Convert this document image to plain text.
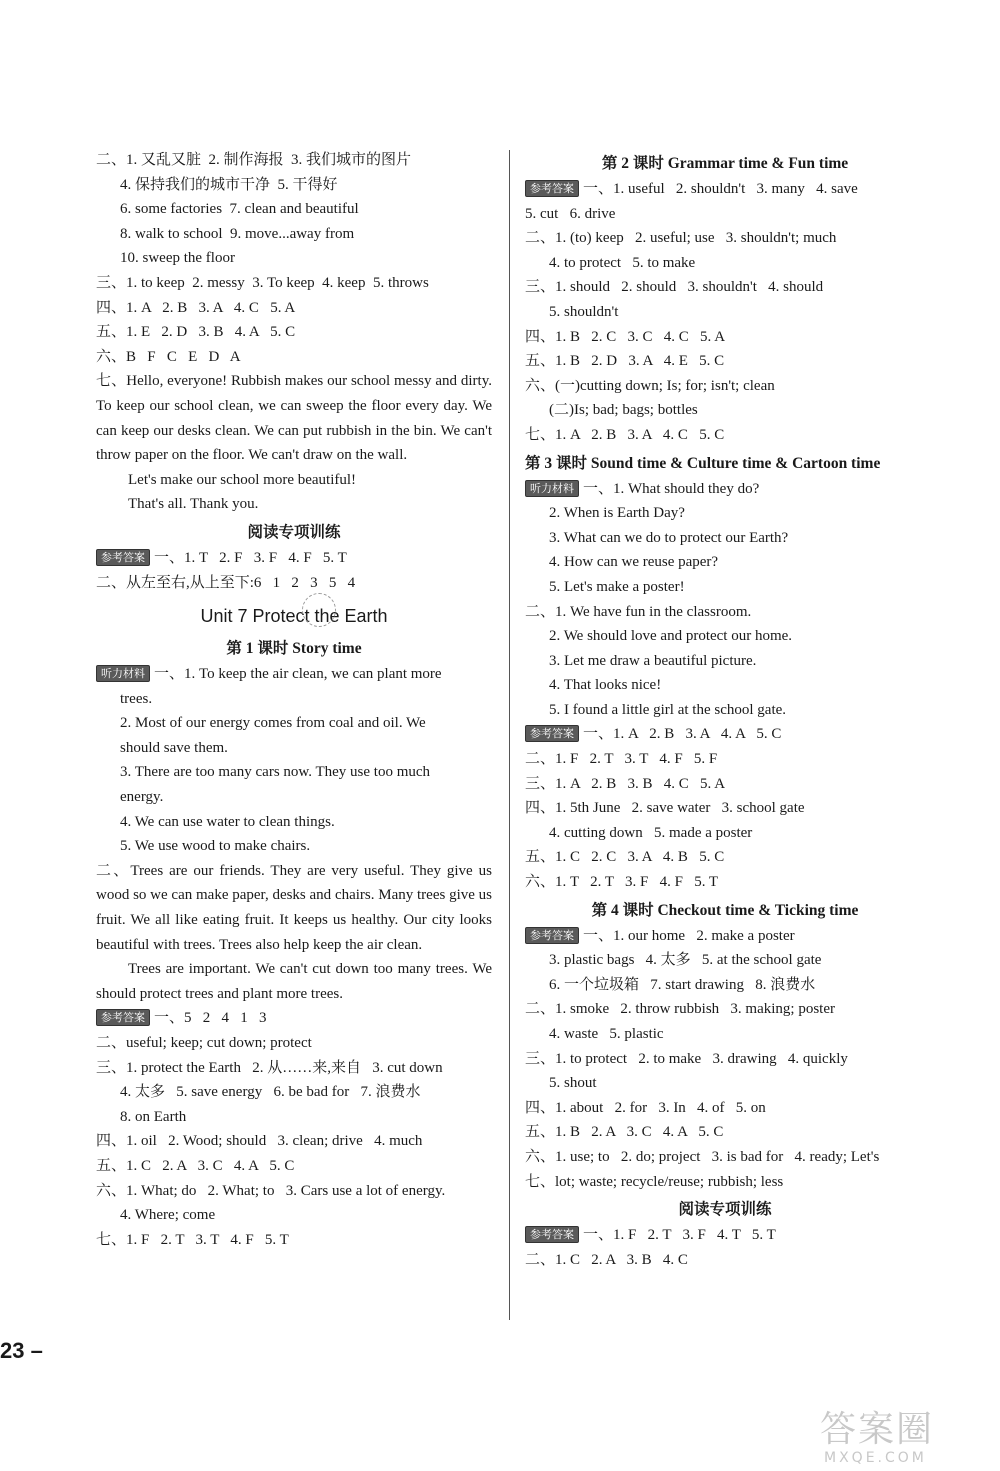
二、1. 又乱又脏  2. 制作海报  3. 我们城市的图片
4. 保持我们的城市干净  5. 干得好
6. some factories  7. clean and beautiful
8. walk to school  9. move...away from
10. sweep the floor
三、1. to keep  2. messy  3. To keep  4. keep  5. throws
四、1. A   2. B   3. A   4. C   5. A
五、1. E   2. D   3. B   4. A   5. C
六、B   F   C   E   D   A
七、Hello, everyone! Rubbish makes our school messy and dirty. To keep our school clean, we can sweep the floor every day. We can keep our desks clean. We can put rubbish in the bin. We can't throw paper on the floor. We can't draw on the wall.
Let's make our school more beautiful!
That's all. Thank you.
阅读专项训练
参考答案 一、1. T   2. F   3. F   4. F   5. T
二、从左至右,从上至下:6   1   2   3   5   4
Unit 7 Protect the Earth
第 1 课时 Story time
听力材料 一、1. To keep the air clean, we can plant more
trees.
2. Most of our energy comes from coal and oil. We
should save them.
3. There are too many cars now. They use too much
energy.
4. We can use water to clean things.
5. We use wood to make chairs.
二、Trees are our friends. They are very useful. They give us wood so we can make paper, desks and chairs. Many trees give us fruit. We all like eating fruit. It keeps us healthy. Our city looks beautiful with trees. Trees also help keep the air clean.
Trees are important. We can't cut down too many trees. We should protect trees and plant more trees.
参考答案 一、5   2   4   1   3
二、useful; keep; cut down; protect
三、1. protect the Earth   2. 从……来,来自   3. cut down
4. 太多   5. save energy   6. be bad for   7. 浪费水
8. on Earth
四、1. oil   2. Wood; should   3. clean; drive   4. much
五、1. C   2. A   3. C   4. A   5. C
六、1. What; do   2. What; to   3. Cars use a lot of energy.
4. Where; come
七、1. F   2. T   3. T   4. F   5. T
第 2 课时 Grammar time & Fun time
参考答案 一、1. useful   2. shouldn't   3. many   4. save
5. cut   6. drive
二、1. (to) keep   2. useful; use   3. shouldn't; much
4. to protect   5. to make
三、1. should   2. should   3. shouldn't   4. should
5. shouldn't
四、1. B   2. C   3. C   4. C   5. A
五、1. B   2. D   3. A   4. E   5. C
六、(一)cutting down; Is; for; isn't; clean
(二)Is; bad; bags; bottles
七、1. A   2. B   3. A   4. C   5. C
第 3 课时 Sound time & Culture time & Cartoon time
听力材料 一、1. What should they do?
2. When is Earth Day?
3. What can we do to protect our Earth?
4. How can we reuse paper?
5. Let's make a poster!
二、1. We have fun in the classroom.
2. We should love and protect our home.
3. Let me draw a beautiful picture.
4. That looks nice!
5. I found a little girl at the school gate.
参考答案 一、1. A   2. B   3. A   4. A   5. C
二、1. F   2. T   3. T   4. F   5. F
三、1. A   2. B   3. B   4. C   5. A
四、1. 5th June   2. save water   3. school gate
4. cutting down   5. made a poster
五、1. C   2. C   3. A   4. B   5. C
六、1. T   2. T   3. F   4. F   5. T
第 4 课时 Checkout time & Ticking time
参考答案 一、1. our home   2. make a poster
3. plastic bags   4. 太多   5. at the school gate
6. 一个垃圾箱   7. start drawing   8. 浪费水
二、1. smoke   2. throw rubbish   3. making; poster
4. waste   5. plastic
三、1. to protect   2. to make   3. drawing   4. quickly
5. shout
四、1. about   2. for   3. In   4. of   5. on
五、1. B   2. A   3. C   4. A   5. C
六、1. use; to   2. do; project   3. is bad for   4. ready; Let's
七、lot; waste; recycle/reuse; rubbish; less
阅读专项训练
参考答案 一、1. F   2. T   3. F   4. T   5. T
二、1. C   2. A   3. B   4. C
23 –
答案圈
MXQE.COM
